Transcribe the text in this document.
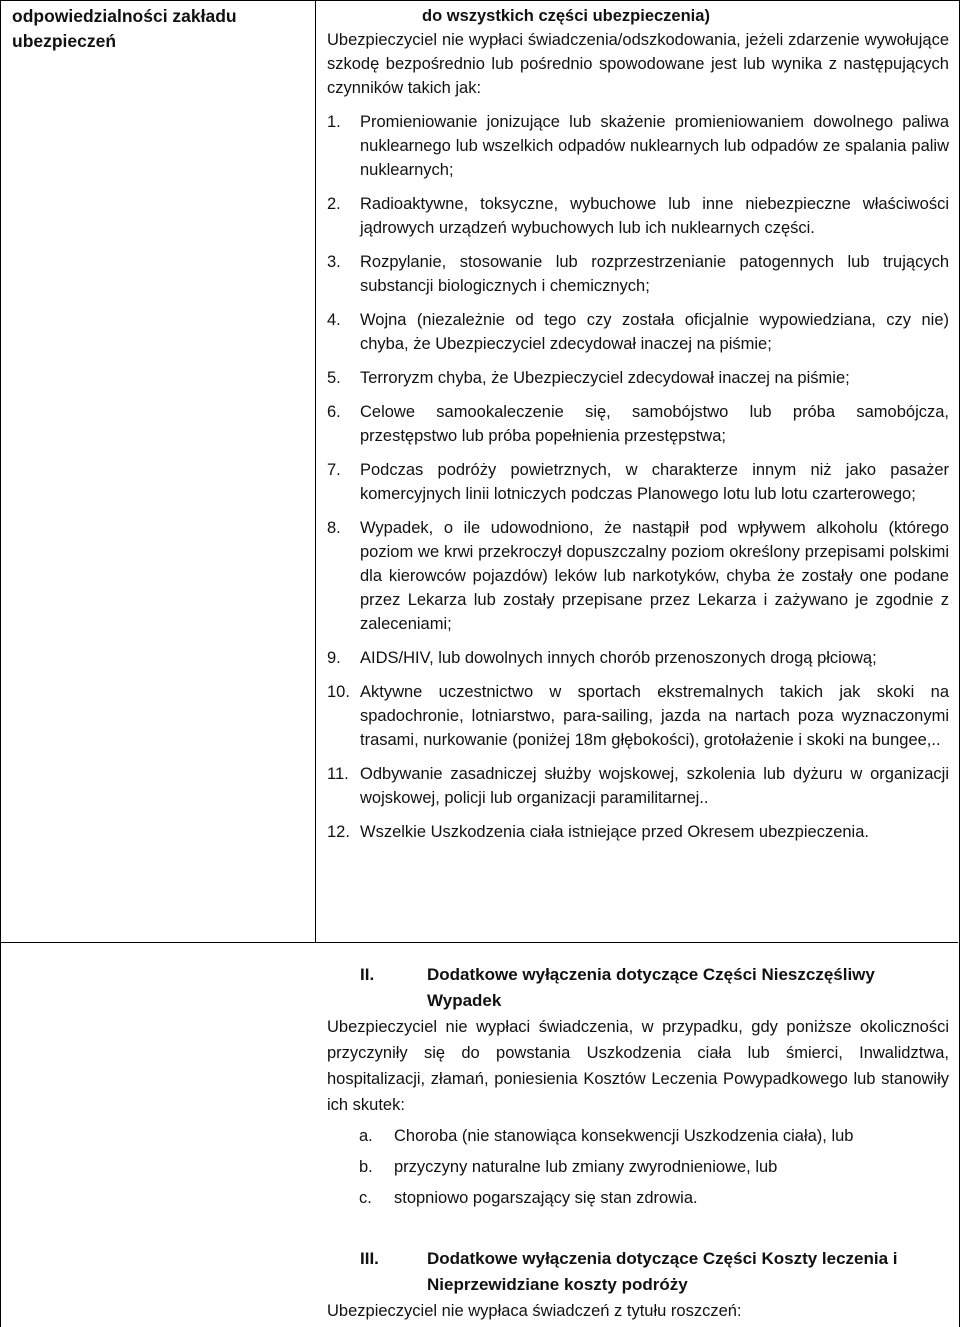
odpowiedzialności zakładu ubezpieczeń
do wszystkich części ubezpieczenia)
Ubezpieczyciel nie wypłaci świadczenia/odszkodowania, jeżeli zdarzenie wywołujące szkodę bezpośrednio lub pośrednio spowodowane jest lub wynika z następujących czynników takich jak:
1.	Promieniowanie jonizujące lub skażenie promieniowaniem dowolnego paliwa nuklearnego lub wszelkich odpadów nuklearnych lub odpadów ze spalania paliw nuklearnych;
2.	Radioaktywne, toksyczne, wybuchowe lub inne niebezpieczne właściwości jądrowych urządzeń wybuchowych lub ich nuklearnych części.
3.	Rozpylanie, stosowanie lub rozprzestrzenianie patogennych lub trujących substancji biologicznych i chemicznych;
4.	Wojna (niezależnie od tego czy została oficjalnie wypowiedziana, czy nie) chyba, że Ubezpieczyciel zdecydował inaczej na piśmie;
5.	Terroryzm chyba, że Ubezpieczyciel zdecydował inaczej na piśmie;
6.	Celowe samookaleczenie się, samobójstwo lub próba samobójcza, przestępstwo lub próba popełnienia przestępstwa;
7.	Podczas podróży powietrznych, w charakterze innym niż jako pasażer komercyjnych linii lotniczych podczas Planowego lotu lub lotu czarterowego;
8.	Wypadek, o ile udowodniono, że nastąpił pod wpływem alkoholu (którego poziom we krwi przekroczył dopuszczalny poziom określony przepisami polskimi dla kierowców pojazdów) leków lub narkotyków, chyba że zostały one podane przez Lekarza lub zostały przepisane przez Lekarza i zażywano je zgodnie z zaleceniami;
9.	AIDS/HIV, lub dowolnych innych chorób przenoszonych drogą płciową;
10. Aktywne uczestnictwo w sportach ekstremalnych takich jak skoki na spadochronie, lotniarstwo, para-sailing, jazda na nartach poza wyznaczonymi trasami, nurkowanie (poniżej 18m głębokości), grotołażenie i skoki na bungee,..
11. Odbywanie zasadniczej służby wojskowej, szkolenia lub dyżuru w organizacji wojskowej, policji lub organizacji paramilitarnej..
12. Wszelkie Uszkodzenia ciała istniejące przed Okresem ubezpieczenia.
II.	Dodatkowe wyłączenia dotyczące Części Nieszczęśliwy Wypadek
Ubezpieczyciel nie wypłaci świadczenia, w przypadku, gdy poniższe okoliczności przyczyniły się do powstania Uszkodzenia ciała lub śmierci, Inwalidztwa, hospitalizacji, złamań, poniesienia Kosztów Leczenia Powypadkowego lub stanowiły ich skutek:
a.	Choroba (nie stanowiąca konsekwencji Uszkodzenia ciała), lub
b.	przyczyny naturalne lub zmiany zwyrodnieniowe, lub
c.	stopniowo pogarszający się stan zdrowia.
III.	Dodatkowe wyłączenia dotyczące Części Koszty leczenia i Nieprzewidziane koszty podróży
Ubezpieczyciel nie wypłaca świadczeń z tytułu roszczeń:
